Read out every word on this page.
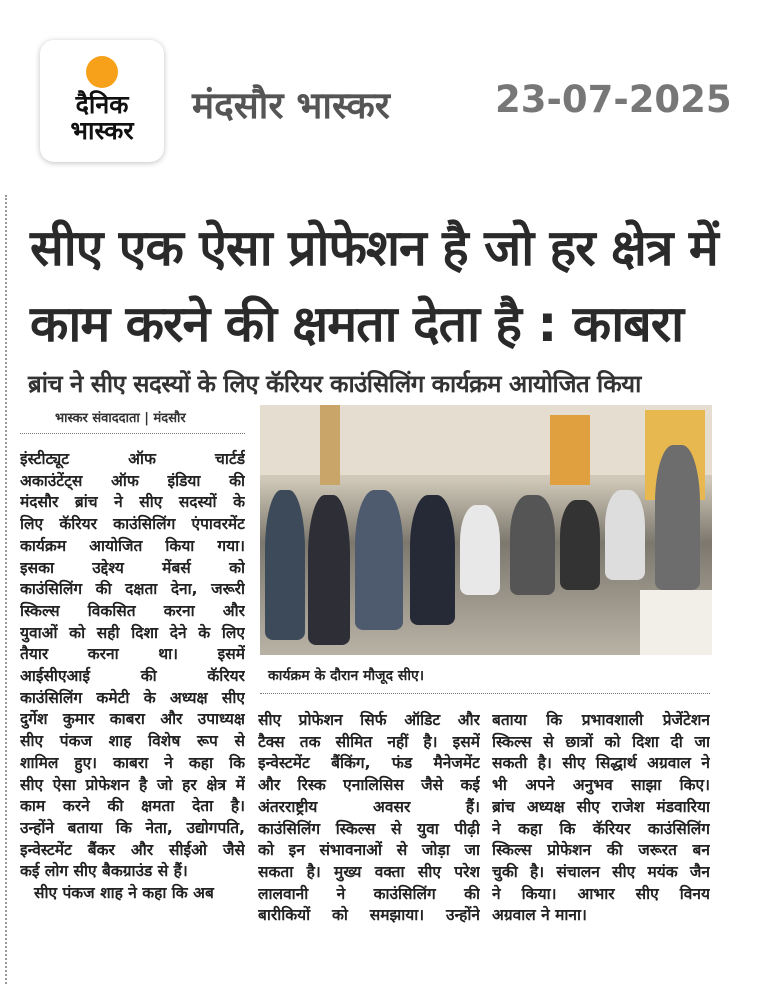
दैनिक
भास्कर
मंदसौर भास्कर	23-07-2025
सीए एक ऐसा प्रोफेशन है जो हर क्षेत्र में
काम करने की क्षमता देता है : काबरा
ब्रांच ने सीए सदस्यों के लिए कॅरियर काउंसिलिंग कार्यक्रम आयोजित किया
भास्कर संवाददाता | मंदसौर
इंस्टीट्यूट ऑफ चार्टर्ड
अकाउंटेंट्स ऑफ इंडिया की
मंदसौर ब्रांच ने सीए सदस्यों के
लिए कॅरियर काउंसिलिंग एंपावरमेंट
कार्यक्रम आयोजित किया गया।
इसका उद्देश्य मेंबर्स को
काउंसिलिंग की दक्षता देना, जरूरी
स्किल्स विकसित करना और
युवाओं को सही दिशा देने के लिए
तैयार करना था। इसमें
आईसीएआई की कॅरियर
काउंसिलिंग कमेटी के अध्यक्ष सीए
दुर्गेश कुमार काबरा और उपाध्यक्ष
सीए पंकज शाह विशेष रूप से
शामिल हुए। काबरा ने कहा कि
सीए ऐसा प्रोफेशन है जो हर क्षेत्र में
काम करने की क्षमता देता है।
उन्होंने बताया कि नेता, उद्योगपति,
इन्वेस्टमेंट बैंकर और सीईओ जैसे
कई लोग सीए बैकग्राउंड से हैं।
सीए पंकज शाह ने कहा कि अब
कार्यक्रम के दौरान मौजूद सीए।
सीए प्रोफेशन सिर्फ ऑडिट और
टैक्स तक सीमित नहीं है। इसमें
इन्वेस्टमेंट बैंकिंग, फंड मैनेजमेंट
और रिस्क एनालिसिस जैसे कई
अंतरराष्ट्रीय अवसर हैं।
काउंसिलिंग स्किल्स से युवा पीढ़ी
को इन संभावनाओं से जोड़ा जा
सकता है। मुख्य वक्ता सीए परेश
लालवानी ने काउंसिलिंग की
बारीकियों को समझाया। उन्होंने
बताया कि प्रभावशाली प्रेजेंटेशन
स्किल्स से छात्रों को दिशा दी जा
सकती है। सीए सिद्धार्थ अग्रवाल ने
भी अपने अनुभव साझा किए।
ब्रांच अध्यक्ष सीए राजेश मंडवारिया
ने कहा कि कॅरियर काउंसिलिंग
स्किल्स प्रोफेशन की जरूरत बन
चुकी है। संचालन सीए मयंक जैन
ने किया। आभार सीए विनय
अग्रवाल ने माना।
